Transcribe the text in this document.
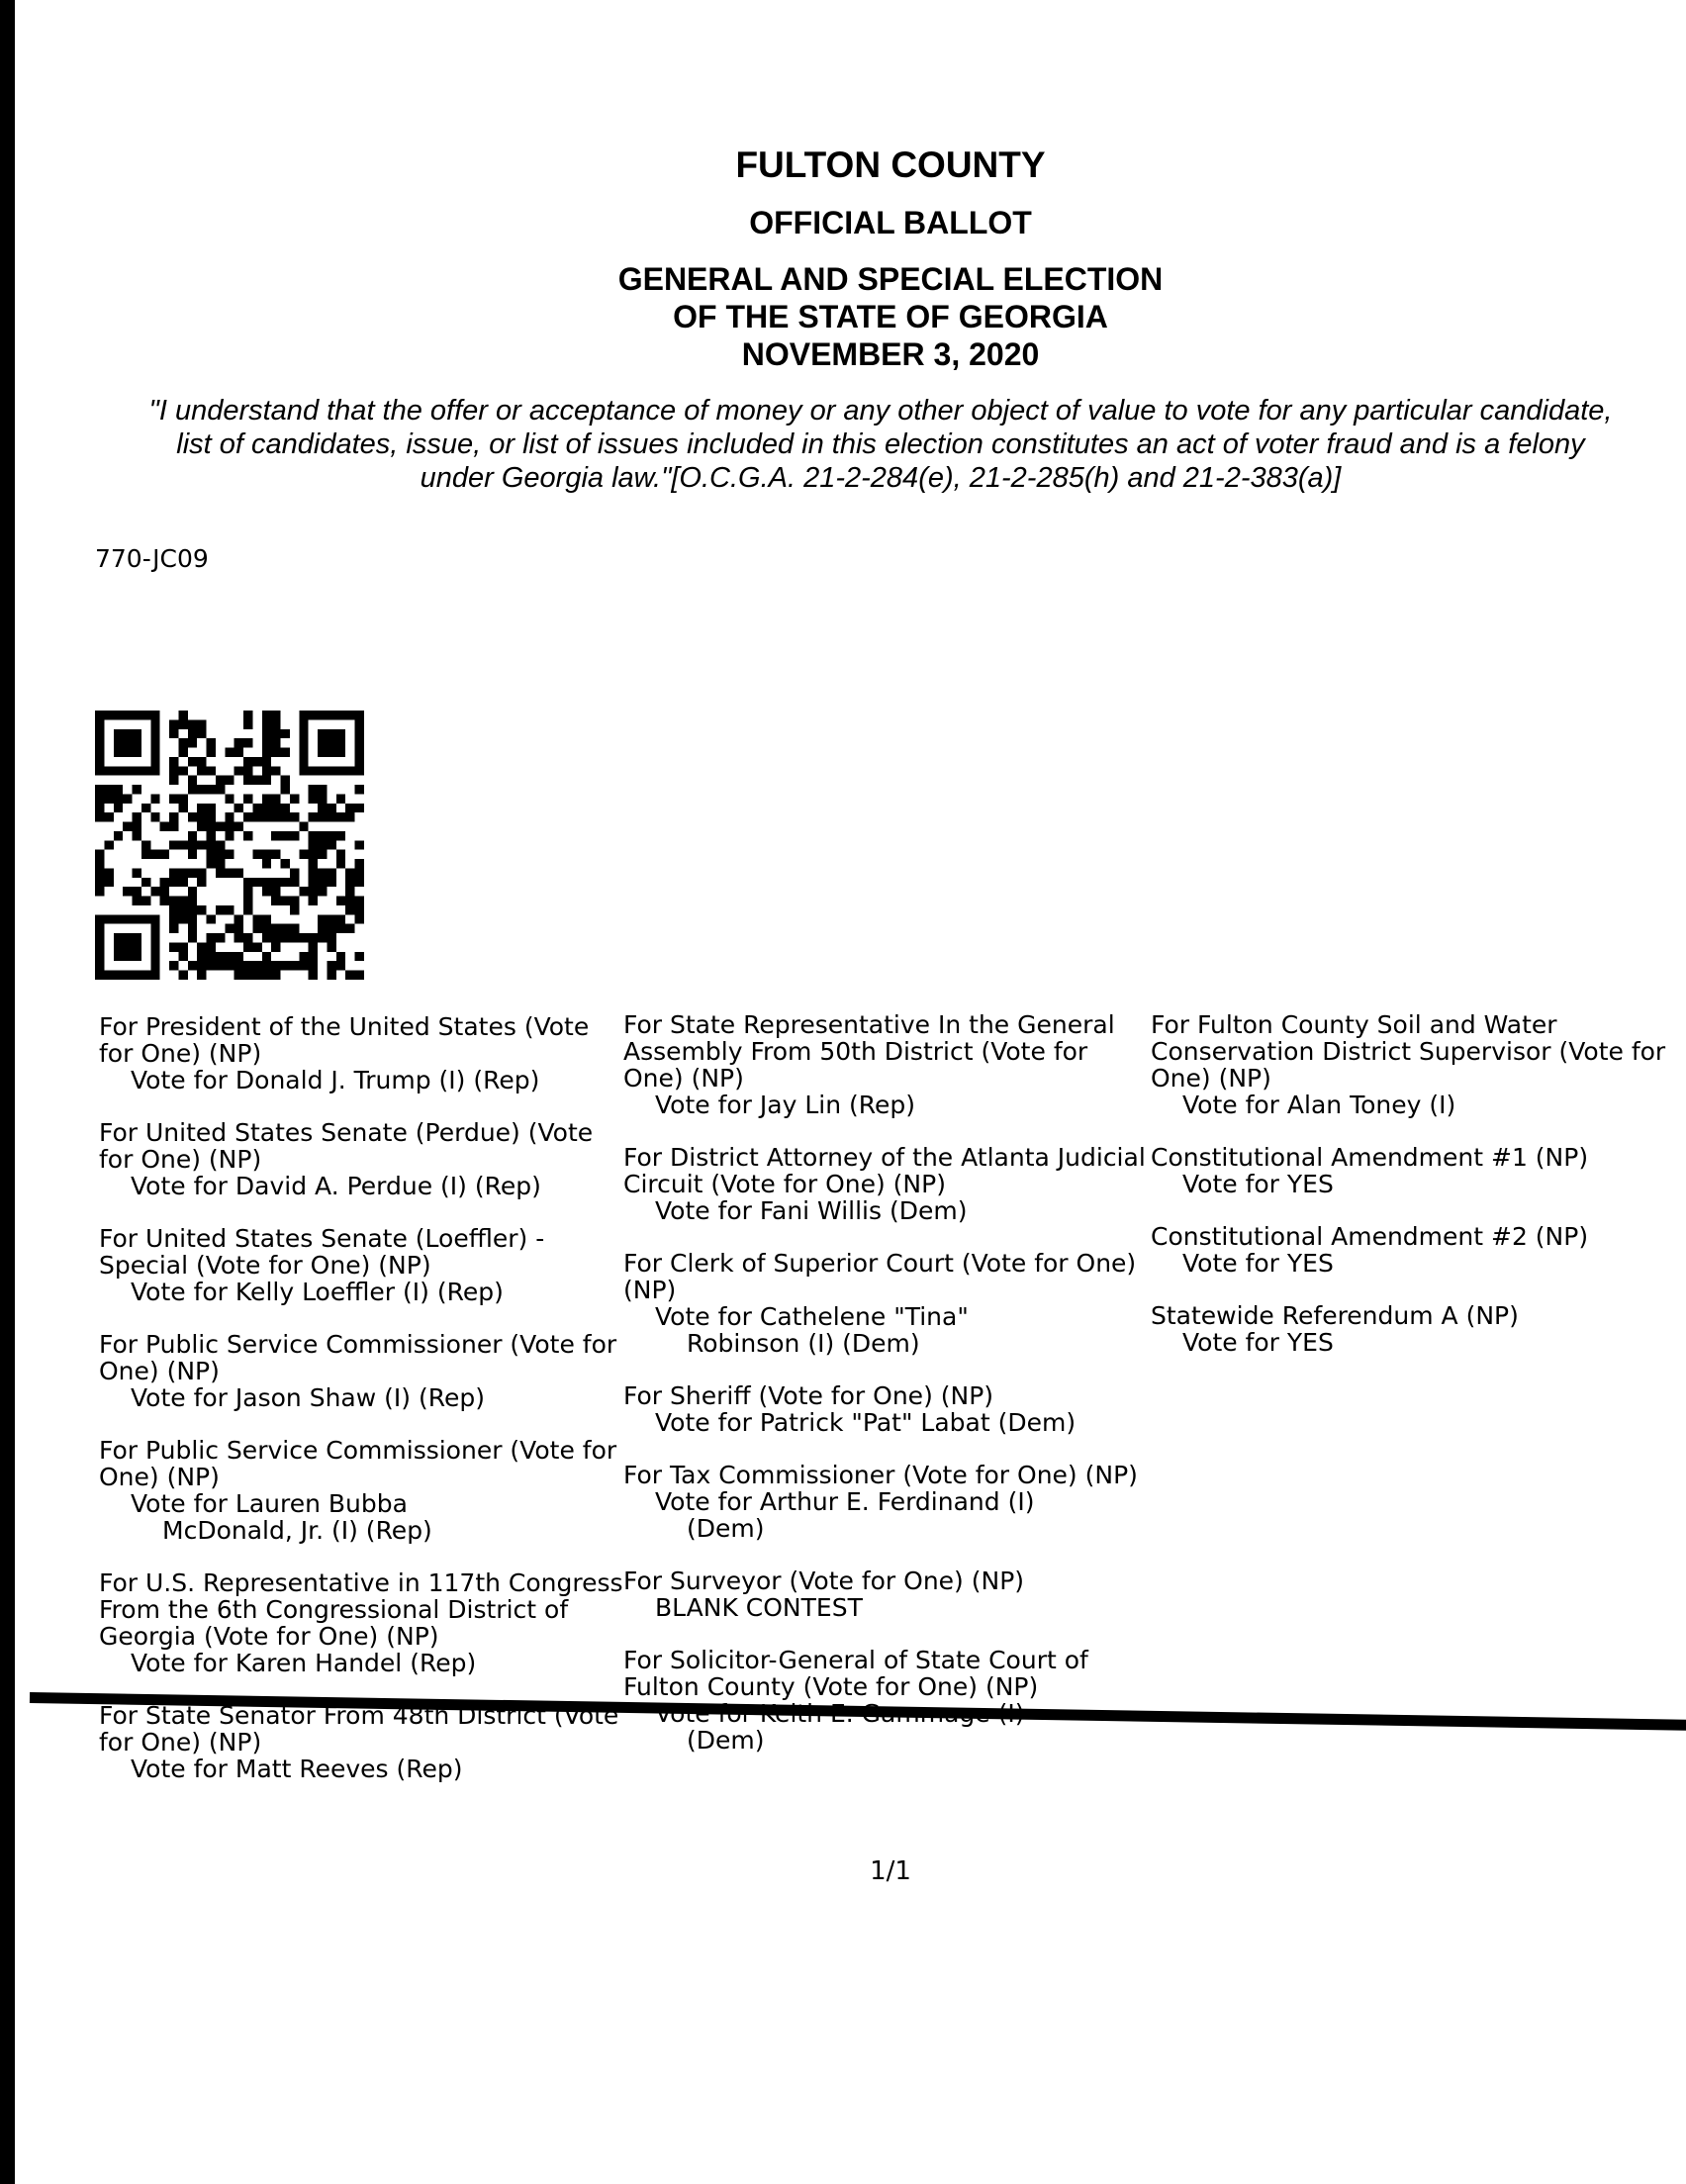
FULTON COUNTY
OFFICIAL BALLOT
GENERAL AND SPECIAL ELECTION
OF THE STATE OF GEORGIA
NOVEMBER 3, 2020
"I understand that the offer or acceptance of money or any other object of value to vote for any particular candidate,
list of candidates, issue, or list of issues included in this election constitutes an act of voter fraud and is a felony
under Georgia law."[O.C.G.A. 21-2-284(e), 21-2-285(h) and 21-2-383(a)]
770-JC09
For President of the United States (Vote for One) (NP)
Vote for Donald J. Trump (I) (Rep)
For United States Senate (Perdue) (Vote for One) (NP)
Vote for David A. Perdue (I) (Rep)
For United States Senate (Loeffler) - Special (Vote for One) (NP)
Vote for Kelly Loeffler (I) (Rep)
For Public Service Commissioner (Vote for One) (NP)
Vote for Jason Shaw (I) (Rep)
For Public Service Commissioner (Vote for One) (NP)
Vote for Lauren Bubba
McDonald, Jr. (I) (Rep)
For U.S. Representative in 117th Congress From the 6th Congressional District of Georgia (Vote for One) (NP)
Vote for Karen Handel (Rep)
For State Senator From 48th District (Vote for One) (NP)
Vote for Matt Reeves (Rep)
For State Representative In the General Assembly From 50th District (Vote for One) (NP)
Vote for Jay Lin (Rep)
For District Attorney of the Atlanta Judicial Circuit (Vote for One) (NP)
Vote for Fani Willis (Dem)
For Clerk of Superior Court (Vote for One) (NP)
Vote for Cathelene "Tina"
Robinson (I) (Dem)
For Sheriff (Vote for One) (NP)
Vote for Patrick "Pat" Labat (Dem)
For Tax Commissioner (Vote for One) (NP)
Vote for Arthur E. Ferdinand (I)
(Dem)
For Surveyor (Vote for One) (NP)
BLANK CONTEST
For Solicitor-General of State Court of Fulton County (Vote for One) (NP)
(Dem)
For Fulton County Soil and Water Conservation District Supervisor (Vote for One) (NP)
Vote for Alan Toney (I)
Constitutional Amendment #1 (NP)
Vote for YES
Constitutional Amendment #2 (NP)
Vote for YES
Statewide Referendum A (NP)
Vote for YES
1/1
